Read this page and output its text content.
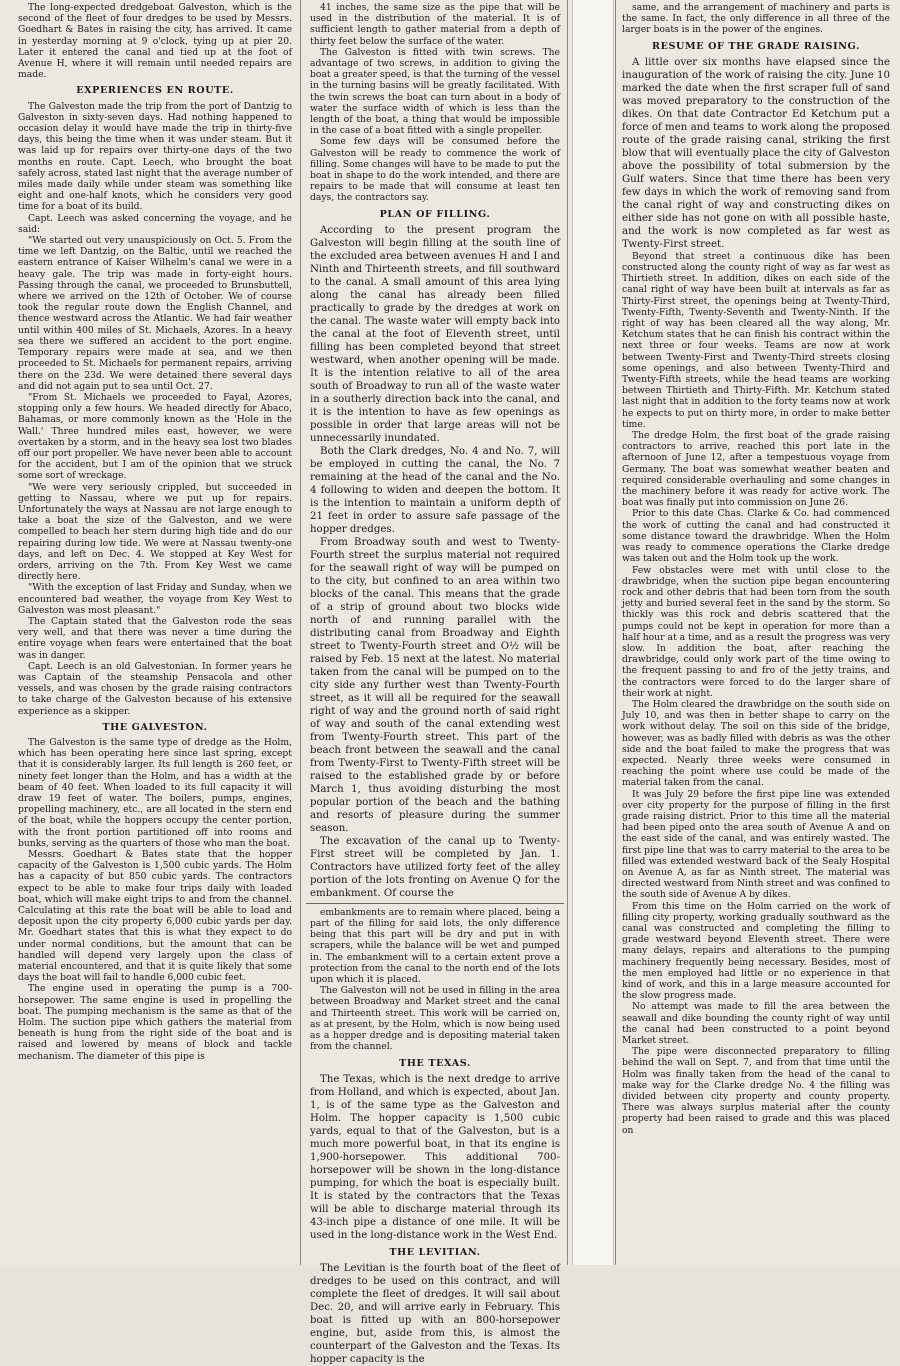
The long-expected dredgeboat Galveston, which is the second of the fleet of four dredges to be used by Messrs. Goedhart & Bates in raising the city, has arrived. It came in yesterday morning at 9 o'clock, tying up at pier 20. Later it entered the canal and tied up at the foot of Avenue H, where it will remain until needed repairs are made.

EXPERIENCES EN ROUTE.

The Galveston made the trip from the port of Dantzig to Galveston in sixty-seven days. Had nothing happened to occasion delay it would have made the trip in thirty-five days, this being the time when it was under steam. But it was laid up for repairs over thirty-one days of the two months en route. Capt. Leech, who brought the boat safely across, stated last night that the average number of miles made daily while under steam was something like eight and one-half knots, which he considers very good time for a boat of its build.

Capt. Leech was asked concerning the voyage, and he said:

"We started out very unauspiciously on Oct. 5. From the time we left Dantzig, on the Baltic, until we reached the eastern entrance of Kaiser Wilhelm's canal we were in a heavy gale. The trip was made in forty-eight hours. Passing through the canal, we proceeded to Brunsbuttell, where we arrived on the 12th of October. We of course took the regular route down the English Channel, and thence westward across the Atlantic. We had fair weather until within 400 miles of St. Michaels, Azores. In a heavy sea there we suffered an accident to the port engine. Temporary repairs were made at sea, and we then proceeded to St. Michaels for permanent repairs, arriving there on the 23d. We were detained there several days and did not again put to sea until Oct. 27.

"From St. Michaels we proceeded to Fayal, Azores, stopping only a few hours. We headed directly for Abaco, Bahamas, or more commonly known as the 'Hole in the Wall.' Three hundred miles east, however, we were overtaken by a storm, and in the heavy sea lost two blades off our port propeller. We have never been able to account for the accident, but I am of the opinion that we struck some sort of wreckage.

"We were very seriously crippled, but succeeded in getting to Nassau, where we put up for repairs. Unfortunately the ways at Nassau are not large enough to take a boat the size of the Galveston, and we were compelled to beach her stern during high tide and do our repairing during low tide. We were at Nassau twenty-one days, and left on Dec. 4. We stopped at Key West for orders, arriving on the 7th. From Key West we came directly here.

"With the exception of last Friday and Sunday, when we encountered bad weather, the voyage from Key West to Galveston was most pleasant."

The Captain stated that the Galveston rode the seas very well, and that there was never a time during the entire voyage when fears were entertained that the boat was in danger.

Capt. Leech is an old Galvestonian. In former years he was Captain of the steamship Pensacola and other vessels, and was chosen by the grade raising contractors to take charge of the Galveston because of his extensive experience as a skipper.

THE GALVESTON.

The Galveston is the same type of dredge as the Holm, which has been operating here since last spring, except that it is considerably larger. Its full length is 260 feet, or ninety feet longer than the Holm, and has a width at the beam of 40 feet. When loaded to its full capacity it will draw 19 feet of water. The boilers, pumps, engines, propelling machinery, etc., are all located in the stern end of the boat, while the hoppers occupy the center portion, with the front portion partitioned off into rooms and bunks, serving as the quarters of those who man the boat.

Messrs. Goedhart & Bates state that the hopper capacity of the Galveston is 1,500 cubic yards. The Holm has a capacity of but 850 cubic yards. The contractors expect to be able to make four trips daily with loaded boat, which will make eight trips to and from the channel. Calculating at this rate the boat will be able to load and deposit upon the city property 6,000 cubic yards per day. Mr. Goedhart states that this is what they expect to do under normal conditions, but the amount that can be handled will depend very largely upon the class of material encountered, and that it is quite likely that some days the boat will fail to handle 6,000 cubic feet.

The engine used in operating the pump is a 700-horsepower. The same engine is used in propelling the boat. The pumping mechanism is the same as that of the Holm. The suction pipe which gathers the material from beneath is hung from the right side of the boat and is raised and lowered by means of block and tackle mechanism. The diameter of this pipe is

41 inches, the same size as the pipe that will be used in the distribution of the material. It is of sufficient length to gather material from a depth of thirty feet below the surface of the water.

The Galveston is fitted with twin screws. The advantage of two screws, in addition to giving the boat a greater speed, is that the turning of the vessel in the turning basins will be greatly facilitated. With the twin screws the boat can turn about in a body of water the surface width of which is less than the length of the boat, a thing that would be impossible in the case of a boat fitted with a single propeller.

Some few days will be consumed before the Galveston will be ready to commence the work of filling. Some changes will have to be made to put the boat in shape to do the work intended, and there are repairs to be made that will consume at least ten days, the contractors say.

PLAN OF FILLING.

According to the present program the Galveston will begin filling at the south line of the excluded area between avenues H and I and Ninth and Thirteenth streets, and fill southward to the canal. A small amount of this area lying along the canal has already been filled practically to grade by the dredges at work on the canal. The waste water will empty back into the canal at the foot of Eleventh street, until filling has been completed beyond that street westward, when another opening will be made. It is the intention relative to all of the area south of Broadway to run all of the waste water in a southerly direction back into the canal, and it is the intention to have as few openings as possible in order that large areas will not be unnecessarily inundated.

Both the Clark dredges, No. 4 and No. 7, will be employed in cutting the canal, the No. 7 remaining at the head of the canal and the No. 4 following to widen and deepen the bottom. It is the intention to maintain a uniform depth of 21 feet in order to assure safe passage of the hopper dredges.

From Broadway south and west to Twenty-Fourth street the surplus material not required for the seawall right of way will be pumped on to the city, but confined to an area within two blocks of the canal. This means that the grade of a strip of ground about two blocks wide north of and running parallel with the distributing canal from Broadway and Eighth street to Twenty-Fourth street and O½ will be raised by Feb. 15 next at the latest. No material taken from the canal will be pumped on to the city side any further west than Twenty-Fourth street, as it will all be required for the seawall right of way and the ground north of said right of way and south of the canal extending west from Twenty-Fourth street. This part of the beach front between the seawall and the canal from Twenty-First to Twenty-Fifth street will be raised to the established grade by or before March 1, thus avoiding disturbing the most popular portion of the beach and the bathing and resorts of pleasure during the summer season.

The excavation of the canal up to Twenty-First street will be completed by Jan. 1. Contractors have utilized forty feet of the alley portion of the lots fronting on Avenue Q for the embankment. Of course the

embankments are to remain where placed, being a part of the filling for said lots, the only difference being that this part will be dry and put in with scrapers, while the balance will be wet and pumped in. The embankment will to a certain extent prove a protection from the canal to the north end of the lots upon which it is placed.

The Galveston will not be used in filling in the area between Broadway and Market street and the canal and Thirteenth street. This work will be carried on, as at present, by the Holm, which is now being used as a hopper dredge and is depositing material taken from the channel.

THE TEXAS.

The Texas, which is the next dredge to arrive from Holland, and which is expected, about Jan. 1, is of the same type as the Galveston and Holm. The hopper capacity is 1,500 cubic yards, equal to that of the Galveston, but is a much more powerful boat, in that its engine is 1,900-horsepower. This additional 700-horsepower will be shown in the long-distance pumping, for which the boat is especially built. It is stated by the contractors that the Texas will be able to discharge material through its 43-inch pipe a distance of one mile. It will be used in the long-distance work in the West End.

THE LEVITIAN.

The Levitian is the fourth boat of the fleet of dredges to be used on this contract, and will complete the fleet of dredges. It will sail about Dec. 20, and will arrive early in February. This boat is fitted up with an 800-horsepower engine, but, aside from this, is almost the counterpart of the Galveston and the Texas. Its hopper capacity is the

same, and the arrangement of machinery and parts is the same. In fact, the only difference in all three of the larger boats is in the power of the engines.

RESUME OF THE GRADE RAISING.

A little over six months have elapsed since the inauguration of the work of raising the city. June 10 marked the date when the first scraper full of sand was moved preparatory to the construction of the dikes. On that date Contractor Ed Ketchum put a force of men and teams to work along the proposed route of the grade raising canal, striking the first blow that will eventually place the city of Galveston above the possibility of total submersion by the Gulf waters. Since that time there has been very few days in which the work of removing sand from the canal right of way and constructing dikes on either side has not gone on with all possible haste, and the work is now completed as far west as Twenty-First street.

Beyond that street a continuous dike has been constructed along the county right of way as far west as Thirtieth street. In addition, dikes on each side of the canal right of way have been built at intervals as far as Thirty-First street, the openings being at Twenty-Third, Twenty-Fifth, Twenty-Seventh and Twenty-Ninth. If the right of way has been cleared all the way along, Mr. Ketchum states that he can finish his contract within the next three or four weeks. Teams are now at work between Twenty-First and Twenty-Third streets closing some openings, and also between Twenty-Third and Twenty-Fifth streets, while the head teams are working between Thirtieth and Thirty-Fifth. Mr. Ketchum stated last night that in addition to the forty teams now at work he expects to put on thirty more, in order to make better time.

The dredge Holm, the first boat of the grade raising contractors to arrive, reached this port late in the afternoon of June 12, after a tempestuous voyage from Germany. The boat was somewhat weather beaten and required considerable overhauling and some changes in the machinery before it was ready for active work. The boat was finally put into commission on June 26.

Prior to this date Chas. Clarke & Co. had commenced the work of cutting the canal and had constructed it some distance toward the drawbridge. When the Holm was ready to commence operations the Clarke dredge was taken out and the Holm took up the work.

Few obstacles were met with until close to the drawbridge, when the suction pipe began encountering rock and other debris that had been torn from the south jetty and buried several feet in the sand by the storm. So thickly was this rock and debris scattered that the pumps could not be kept in operation for more than a half hour at a time, and as a result the progress was very slow. In addition the boat, after reaching the drawbridge, could only work part of the time owing to the frequent passing to and fro of the jetty trains, and the contractors were forced to do the larger share of their work at night.

The Holm cleared the drawbridge on the south side on July 10, and was then in better shape to carry on the work without delay. The soil on this side of the bridge, however, was as badly filled with debris as was the other side and the boat failed to make the progress that was expected. Nearly three weeks were consumed in reaching the point where use could be made of the material taken from the canal.

It was July 29 before the first pipe line was extended over city property for the purpose of filling in the first grade raising district. Prior to this time all the material had been piped onto the area south of Avenue A and on the east side of the canal, and was entirely wasted. The first pipe line that was to carry material to the area to be filled was extended westward back of the Sealy Hospital on Avenue A, as far as Ninth street. The material was directed westward from Ninth street and was confined to the south side of Avenue A by dikes.

From this time on the Holm carried on the work of filling city property, working gradually southward as the canal was constructed and completing the filling to grade westward beyond Eleventh street. There were many delays, repairs and alterations to the pumping machinery frequently being necessary. Besides, most of the men employed had little or no experience in that kind of work, and this in a large measure accounted for the slow progress made.

No attempt was made to fill the area between the seawall and dike bounding the county right of way until the canal had been constructed to a point beyond Market street.

The pipe were disconnected preparatory to filling behind the wall on Sept. 7, and from that time until the Holm was finally taken from the head of the canal to make way for the Clarke dredge No. 4 the filling was divided between city property and county property. There was always surplus material after the county property had been raised to grade and this was placed on
